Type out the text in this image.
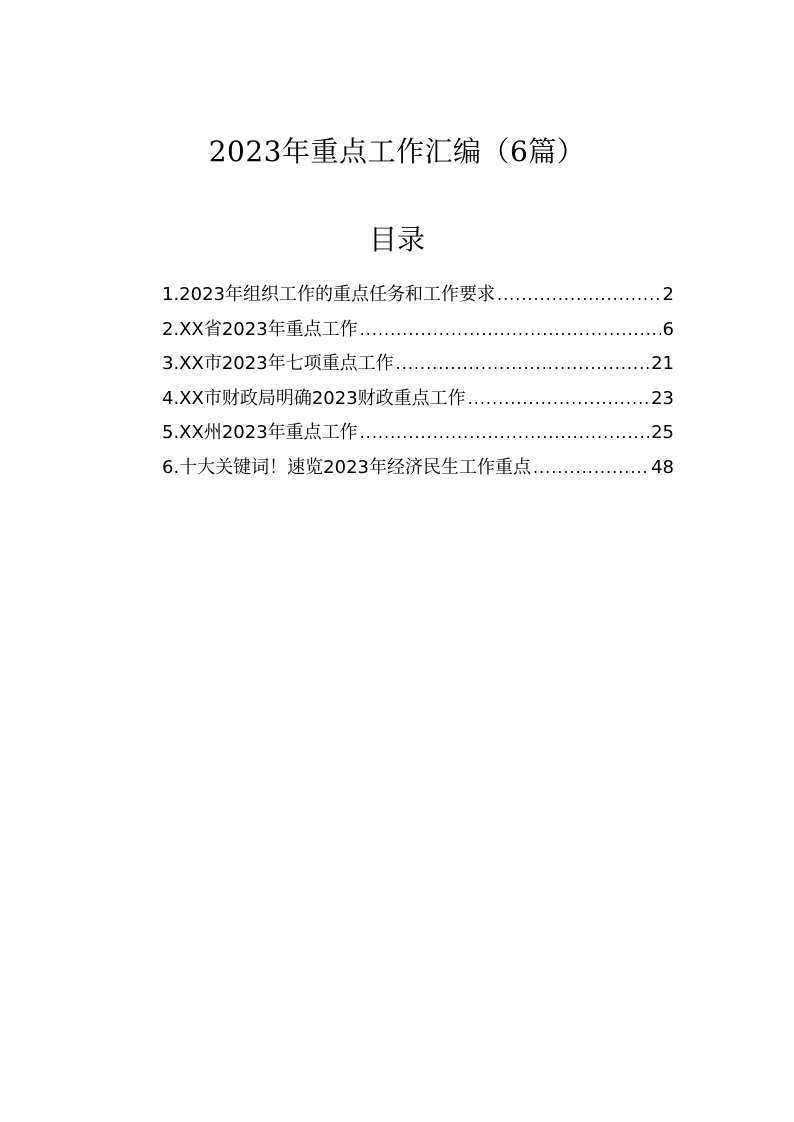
2023年重点工作汇编（6篇）
目录
1.2023年组织工作的重点任务和工作要求 .....	2
2.XX省2023年重点工作 .....	6
3.XX市2023年七项重点工作 .....	21
4.XX市财政局明确2023财政重点工作 .....	23
5.XX州2023年重点工作 .....	25
6.十大关键词！速览2023年经济民生工作重点 .....	48
